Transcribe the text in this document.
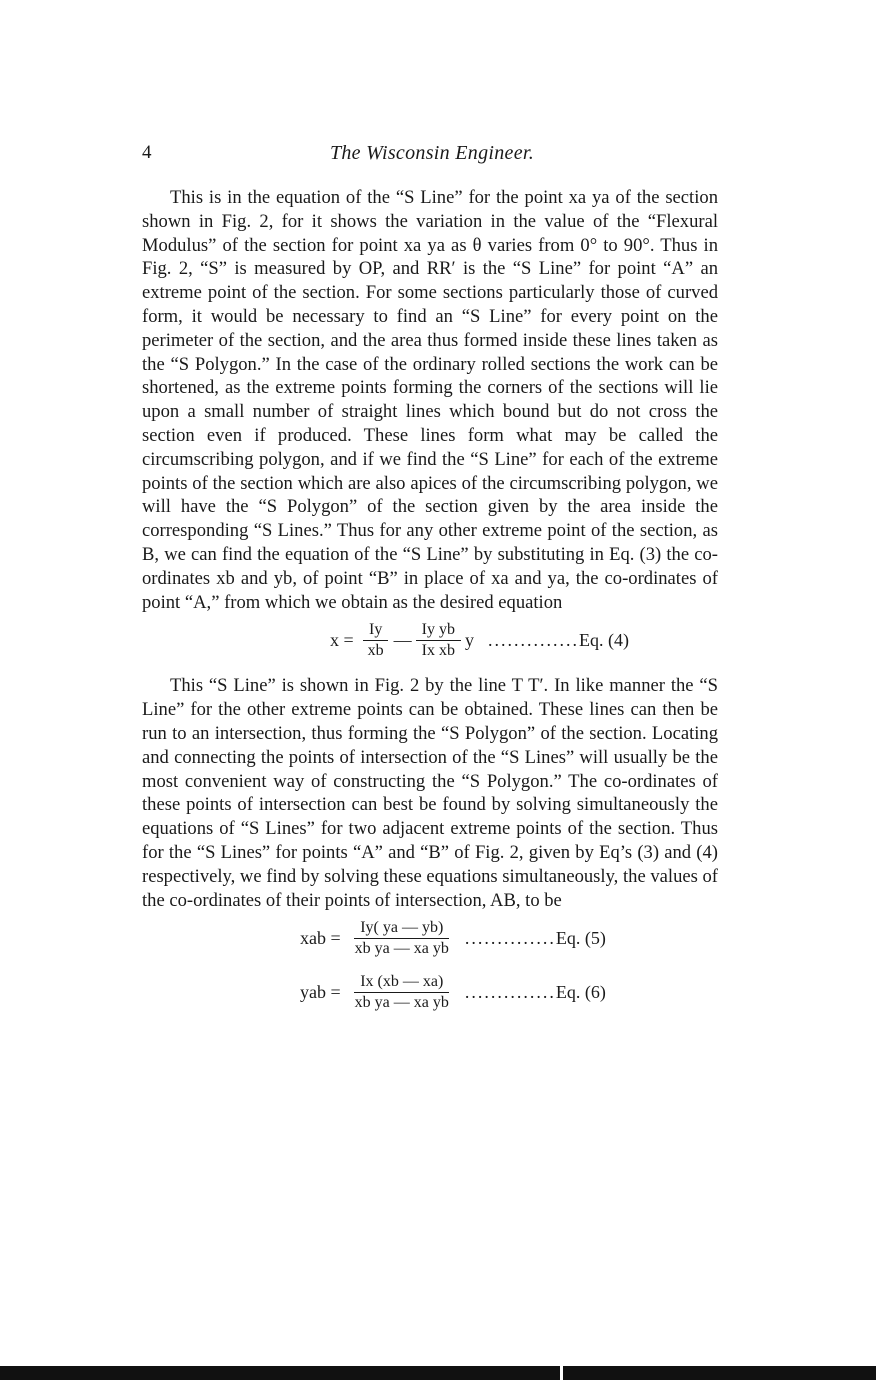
4	The Wisconsin Engineer.

This is in the equation of the “S Line” for the point xa ya of the section shown in Fig. 2, for it shows the variation in the value of the “Flexural Modulus” of the section for point xa ya as θ varies from 0° to 90°. Thus in Fig. 2, “S” is measured by OP, and RR′ is the “S Line” for point “A” an extreme point of the section. For some sections particularly those of curved form, it would be necessary to find an “S Line” for every point on the perimeter of the section, and the area thus formed inside these lines taken as the “S Polygon.” In the case of the ordinary rolled sections the work can be shortened, as the extreme points forming the corners of the sections will lie upon a small number of straight lines which bound but do not cross the section even if produced. These lines form what may be called the circumscribing polygon, and if we find the “S Line” for each of the extreme points of the section which are also apices of the circumscribing polygon, we will have the “S Polygon” of the section given by the area inside the corresponding “S Lines.” Thus for any other extreme point of the section, as B, we can find the equation of the “S Line” by substituting in Eq. (3) the co-ordinates xb and yb, of point “B” in place of xa and ya, the co-ordinates of point “A,” from which we obtain as the desired equation

$x = \frac{Iy}{xb}$ — $\frac{\text{Iy yb}}{\text{Ix xb}}$ y .............. Eq. (4)

This “S Line” is shown in Fig. 2 by the line T T′. In like manner the “S Line” for the other extreme points can be obtained. These lines can then be run to an intersection, thus forming the “S Polygon” of the section. Locating and connecting the points of intersection of the “S Lines” will usually be the most convenient way of constructing the “S Polygon.” The co-ordinates of these points of intersection can best be found by solving simultaneously the equations of “S Lines” for two adjacent extreme points of the section. Thus for the “S Lines” for points “A” and “B” of Fig. 2, given by Eq’s (3) and (4) respectively, we find by solving these equations simultaneously, the values of the co-ordinates of their points of intersection, AB, to be

xab = $\frac{Iy( ya — yb)}{\text{xb ya — xa yb}}$ .............. Eq. (5)
yab = $\frac{Ix (xb — xa)}{\text{xb ya — xa yb}}$ .............. Eq. (6)
